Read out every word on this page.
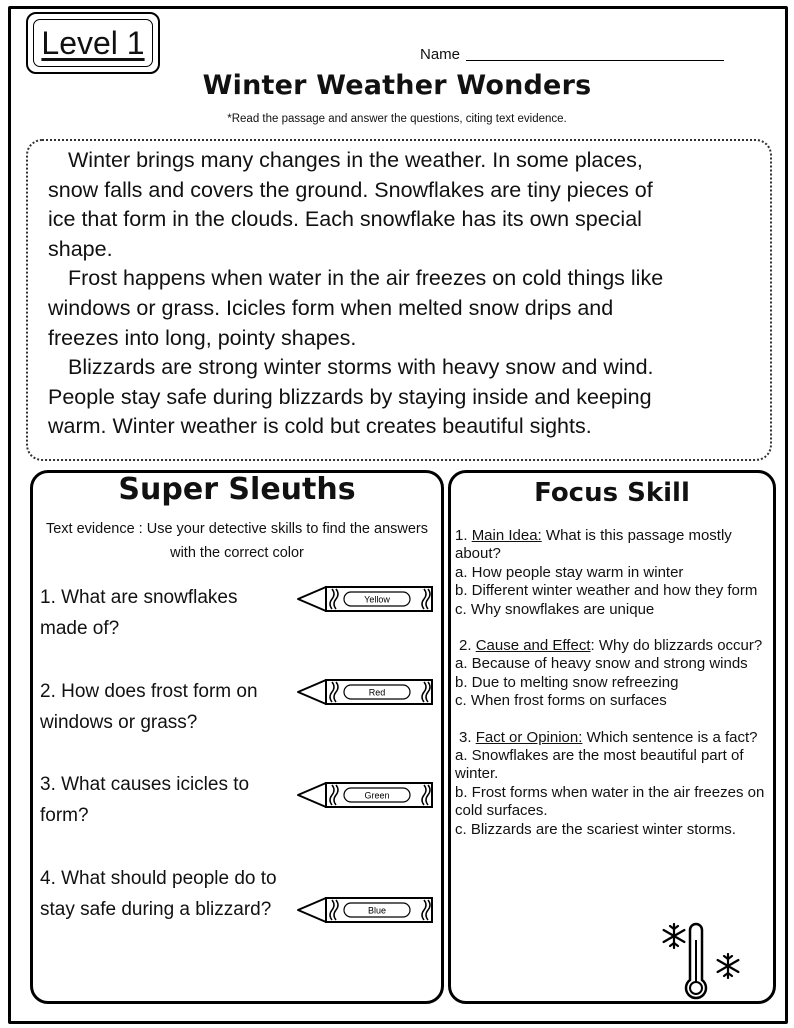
Level 1	Name
Winter Weather Wonders
*Read the passage and answer the questions, citing text evidence.

Winter brings many changes in the weather. In some places,
snow falls and covers the ground. Snowflakes are tiny pieces of
ice that form in the clouds. Each snowflake has its own special
shape.

Frost happens when water in the air freezes on cold things like
windows or grass. Icicles form when melted snow drips and
freezes into long, pointy shapes.

Blizzards are strong winter storms with heavy snow and wind.
People stay safe during blizzards by staying inside and keeping
warm. Winter weather is cold but creates beautiful sights.

Super Sleuths
Text evidence : Use your detective skills to find the answers with the correct color
1. What are snowflakes made of?
2. How does frost form on windows or grass?
3. What causes icicles to form?
4. What should people do to stay safe during a blizzard?
Yellow
Red
Green
Blue
Focus Skill

1. Main Idea: What is this passage mostly about?

a. How people stay warm in winter
b. Different winter weather and how they form
c. Why snowflakes are unique

2. Cause and Effect: Why do blizzards occur?

a. Because of heavy snow and strong winds
b. Due to melting snow refreezing
c. When frost forms on surfaces

3. Fact or Opinion: Which sentence is a fact?

a. Snowflakes are the most beautiful part of winter.
b. Frost forms when water in the air freezes on cold surfaces.
c. Blizzards are the scariest winter storms.
